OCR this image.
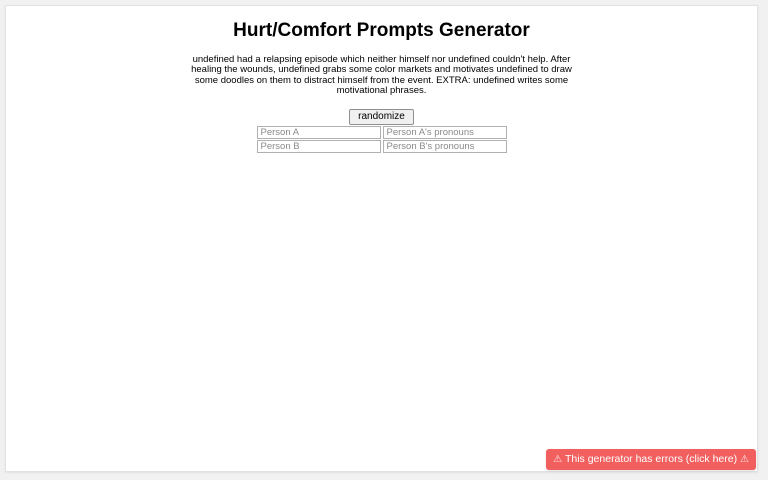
Hurt/Comfort Prompts Generator

undefined had a relapsing episode which neither himself nor undefined couldn't help. After healing the wounds, undefined grabs some color markets and motivates undefined to draw some doodles on them to distract himself from the event. EXTRA: undefined writes some motivational phrases.

randomize
Person A
Person A's pronouns
Person B
Person B's pronouns
⚠ This generator has errors (click here) ⚠
